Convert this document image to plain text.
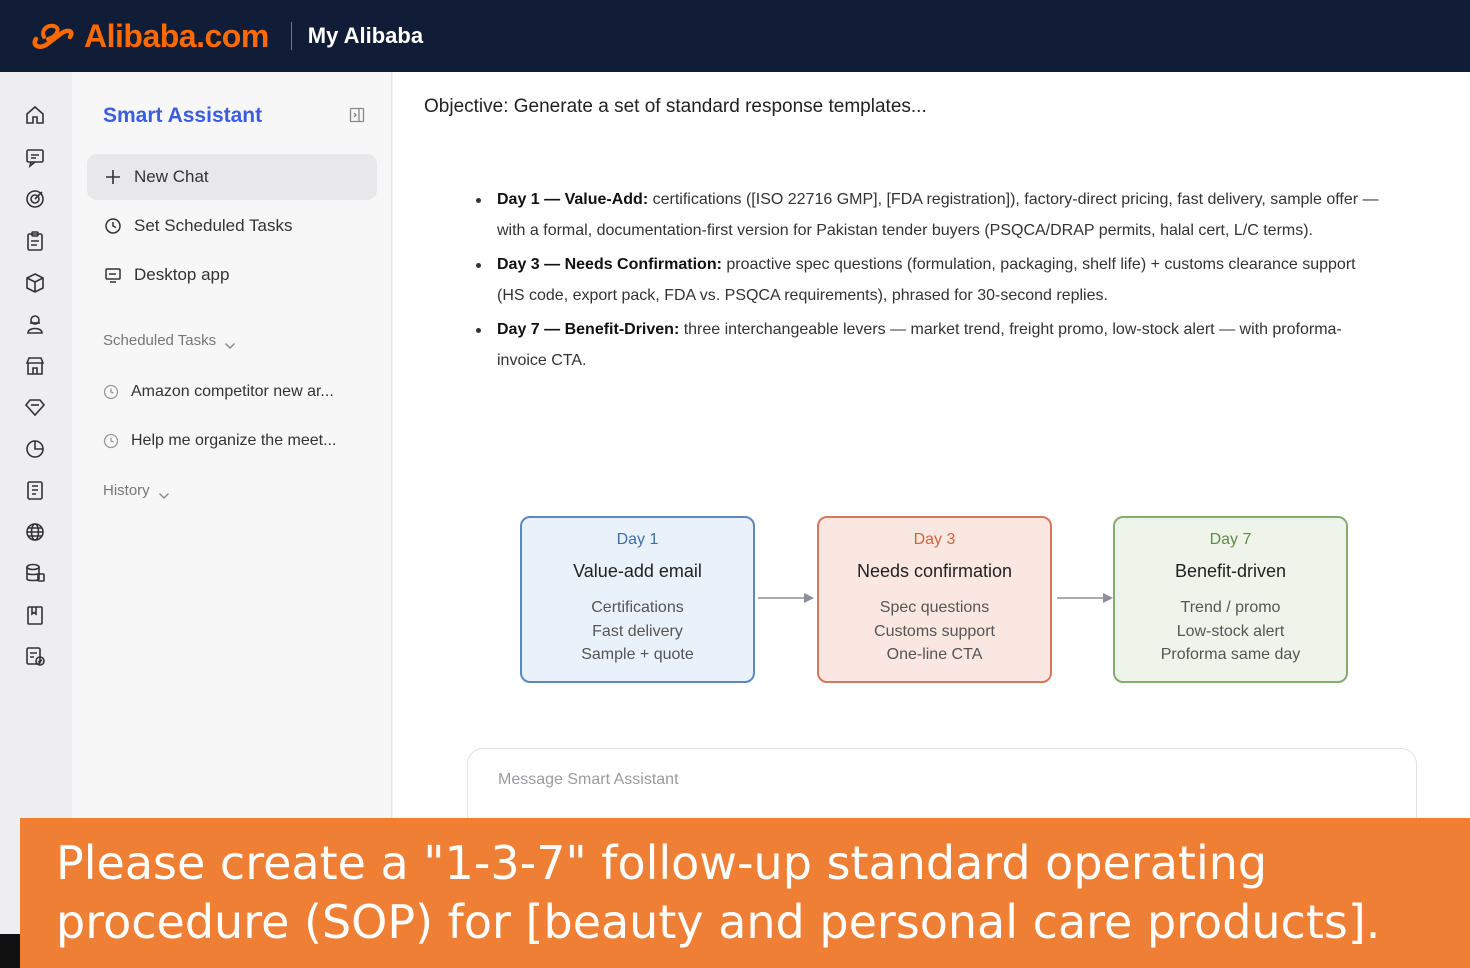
Alibaba.com My Alibaba
Smart Assistant
New Chat
Set Scheduled Tasks
Desktop app
Scheduled Tasks
Amazon competitor new ar...
Help me organize the meet...
History
Objective: Generate a set of standard response templates...
Day 1 — Value-Add: certifications ([ISO 22716 GMP], [FDA registration]), factory-direct pricing, fast delivery, sample offer — with a formal, documentation-first version for Pakistan tender buyers (PSQCA/DRAP permits, halal cert, L/C terms).
Day 3 — Needs Confirmation: proactive spec questions (formulation, packaging, shelf life) + customs clearance support (HS code, export pack, FDA vs. PSQCA requirements), phrased for 30-second replies.
Day 7 — Benefit-Driven: three interchangeable levers — market trend, freight promo, low-stock alert — with proforma-invoice CTA.
Day 1
Value-add email
Certifications
Fast delivery
Sample + quote
Day 3
Needs confirmation
Spec questions
Customs support
One-line CTA
Day 7
Benefit-driven
Trend / promo
Low-stock alert
Proforma same day
Message Smart Assistant
Please create a "1-3-7" follow-up standard operating
procedure (SOP) for [beauty and personal care products].
